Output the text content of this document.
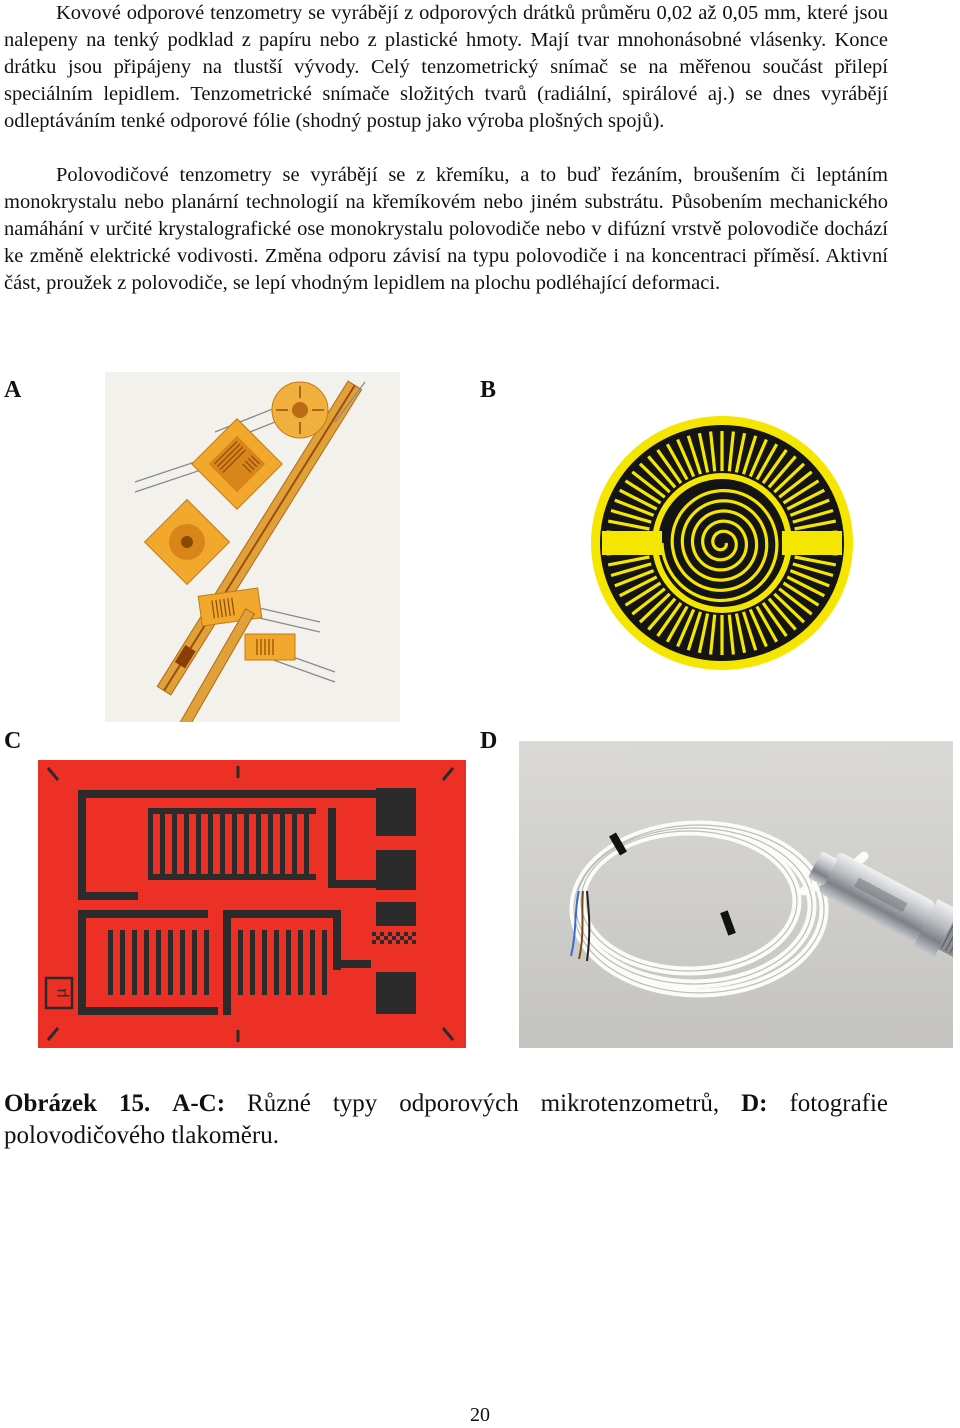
Kovové odporové tenzometry se vyrábějí z odporových drátků průměru 0,02 až 0,05 mm, které jsou nalepeny na tenký podklad z papíru nebo z plastické hmoty. Mají tvar mnohonásobné vlásenky. Konce drátku jsou připájeny na tlustší vývody. Celý tenzometrický snímač se na měřenou součást přilepí speciálním lepidlem. Tenzometrické snímače složitých tvarů (radiální, spirálové aj.) se dnes vyrábějí odleptáváním tenké odporové fólie (shodný postup jako výroba plošných spojů).

Polovodičové tenzometry se vyrábějí se z křemíku, a to buď řezáním, broušením či leptáním monokrystalu nebo planární technologií na křemíkovém nebo jiném substrátu. Působením mechanického namáhání v určité krystalografické ose monokrystalu polovodiče nebo v difúzní vrstvě polovodiče dochází ke změně elektrické vodivosti. Změna odporu závisí na typu polovodiče i na koncentraci příměsí. Aktivní část, proužek z polovodiče, se lepí vhodným lepidlem na plochu podléhající deformaci.

A	B
C	D
µ
Obrázek 15. A-C: Různé typy odporových mikrotenzometrů, D: fotografie polovodičového tlakoměru.
20
